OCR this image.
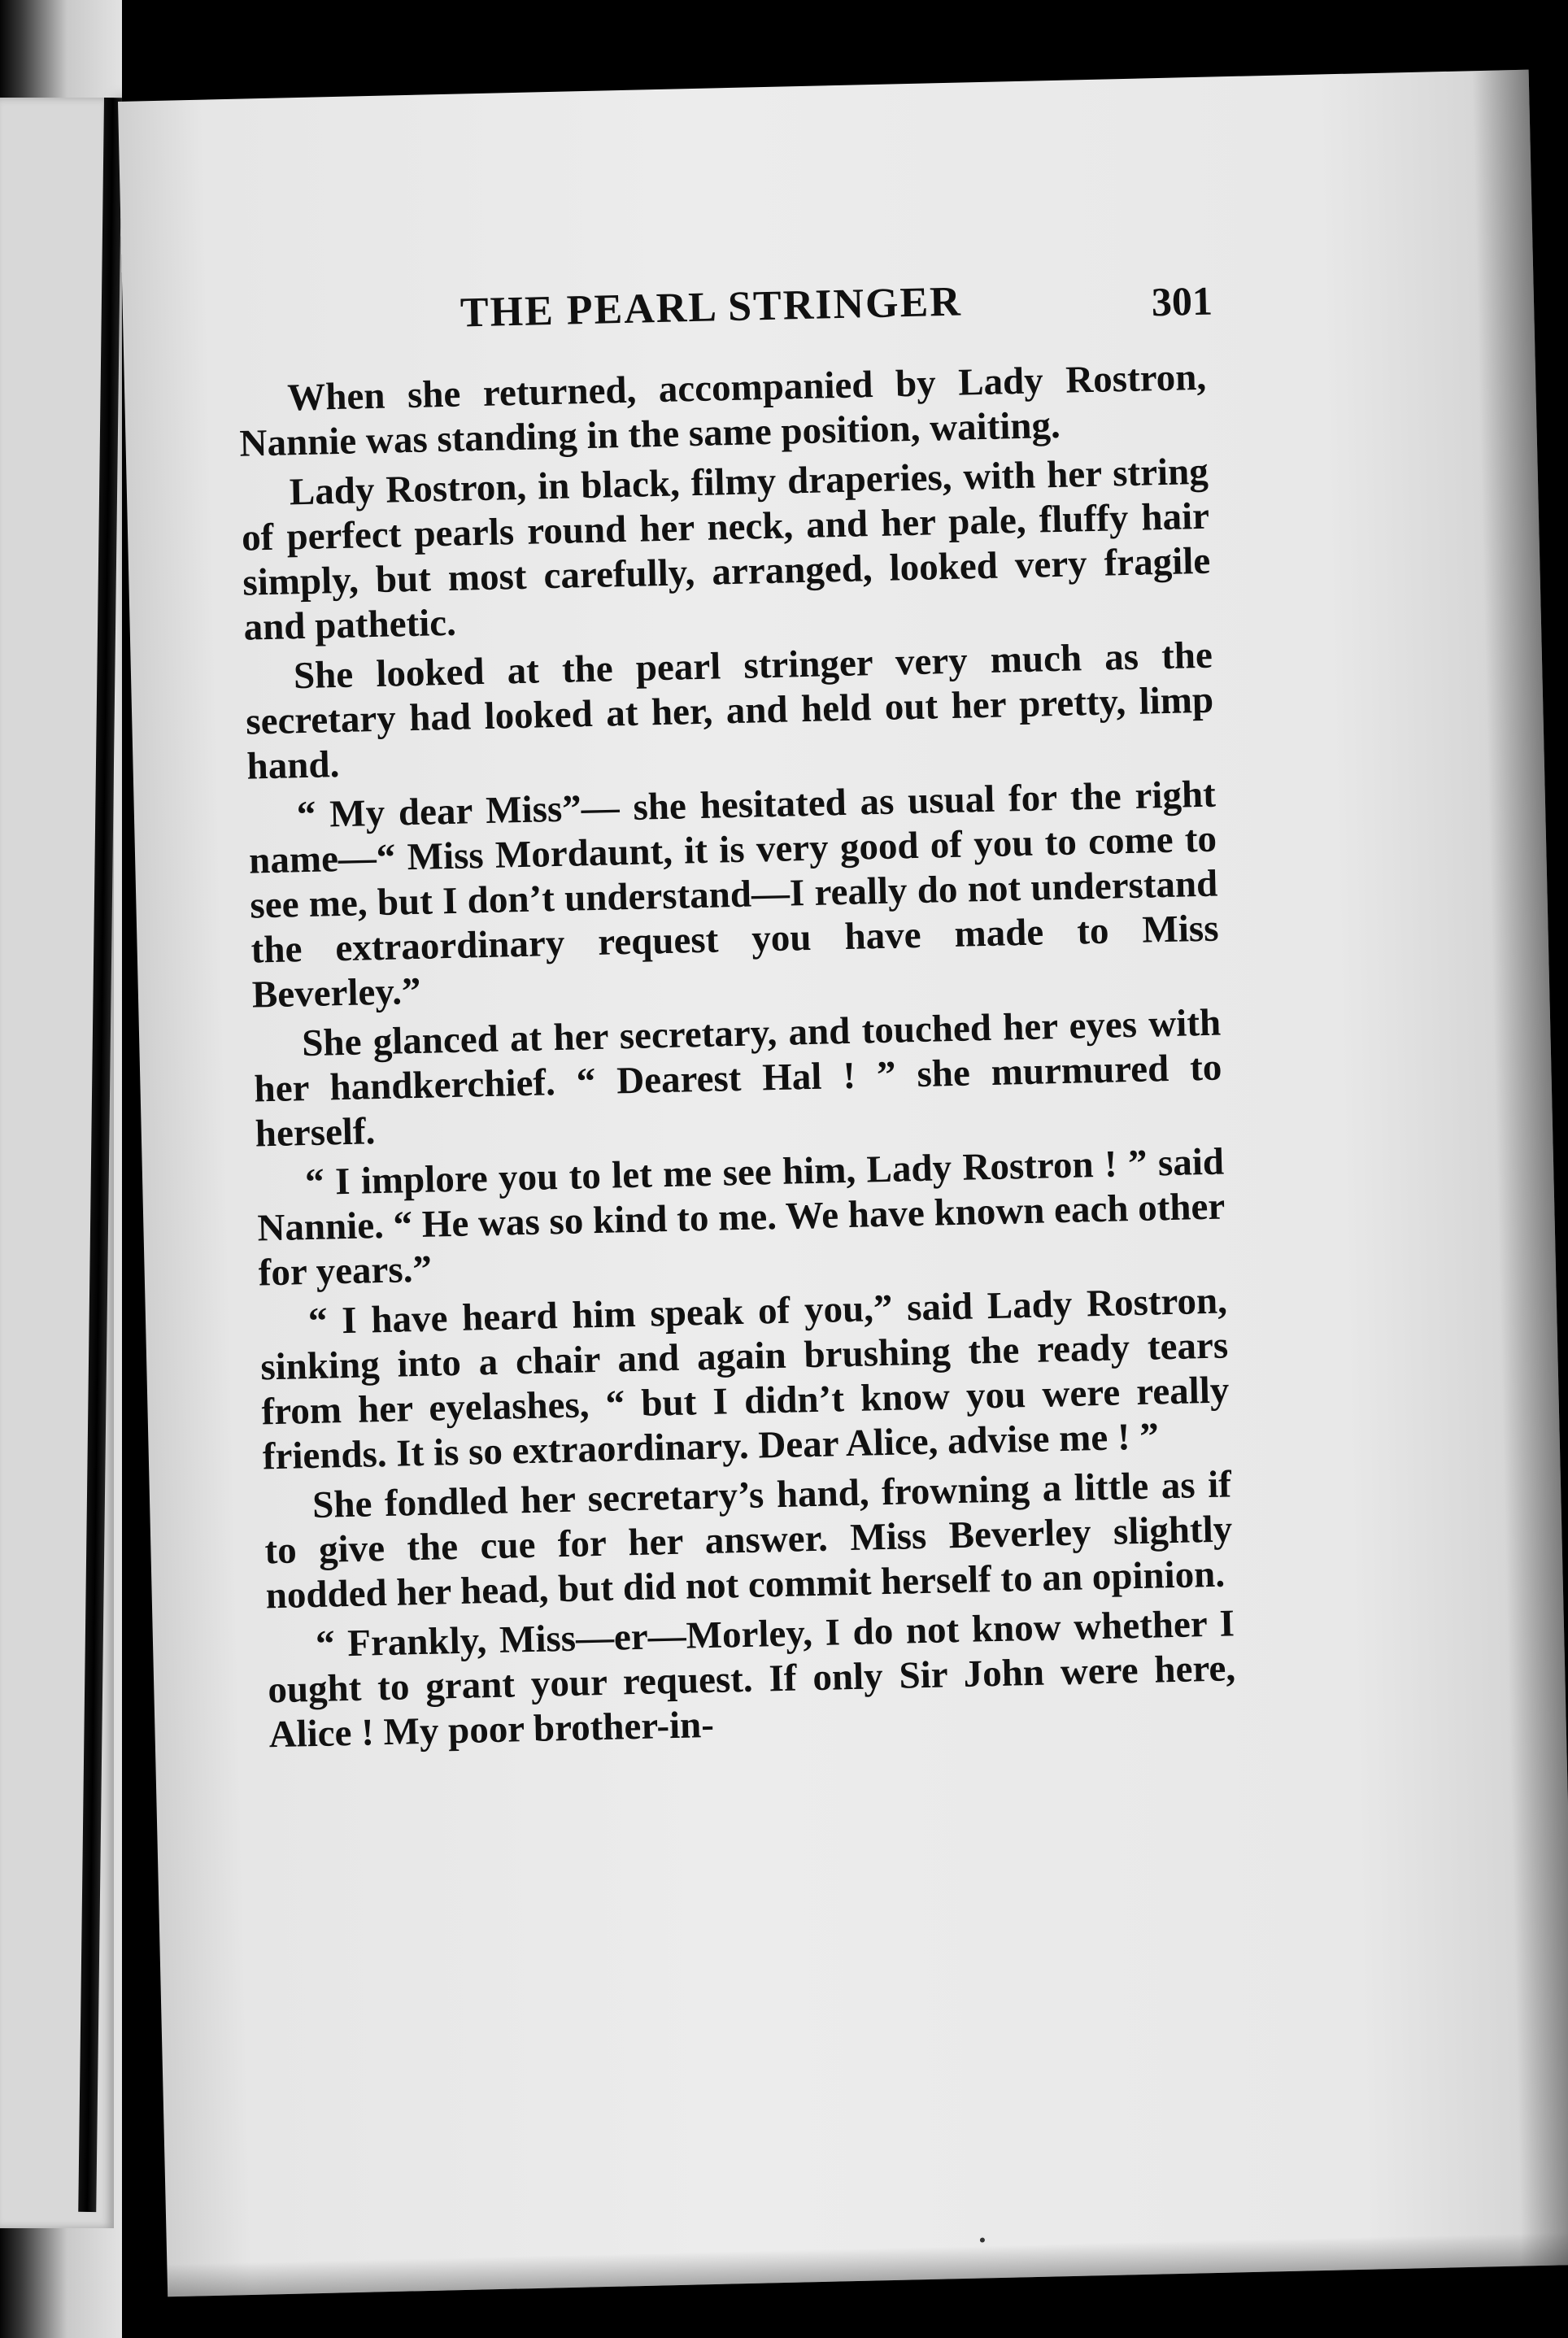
THE PEARL STRINGER	301

When she returned, accompanied by Lady Rostron, Nannie was standing in the same position, waiting.

Lady Rostron, in black, filmy draperies, with her string of perfect pearls round her neck, and her pale, fluffy hair simply, but most carefully, arranged, looked very fragile and pathetic.

She looked at the pearl stringer very much as the secretary had looked at her, and held out her pretty, limp hand.

“ My dear Miss”— she hesitated as usual for the right name—“ Miss Mordaunt, it is very good of you to come to see me, but I don’t understand—I really do not understand the extraordinary request you have made to Miss Beverley.”

She glanced at her secretary, and touched her eyes with her handkerchief. “ Dearest Hal ! ” she murmured to herself.

“ I implore you to let me see him, Lady Rostron ! ” said Nannie. “ He was so kind to me. We have known each other for years.”

“ I have heard him speak of you,” said Lady Rostron, sinking into a chair and again brushing the ready tears from her eyelashes, “ but I didn’t know you were really friends. It is so extraordinary. Dear Alice, advise me ! ”

She fondled her secretary’s hand, frowning a little as if to give the cue for her answer. Miss Beverley slightly nodded her head, but did not commit herself to an opinion.

“ Frankly, Miss—er—Morley, I do not know whether I ought to grant your request. If only Sir John were here, Alice ! My poor brother-in-
